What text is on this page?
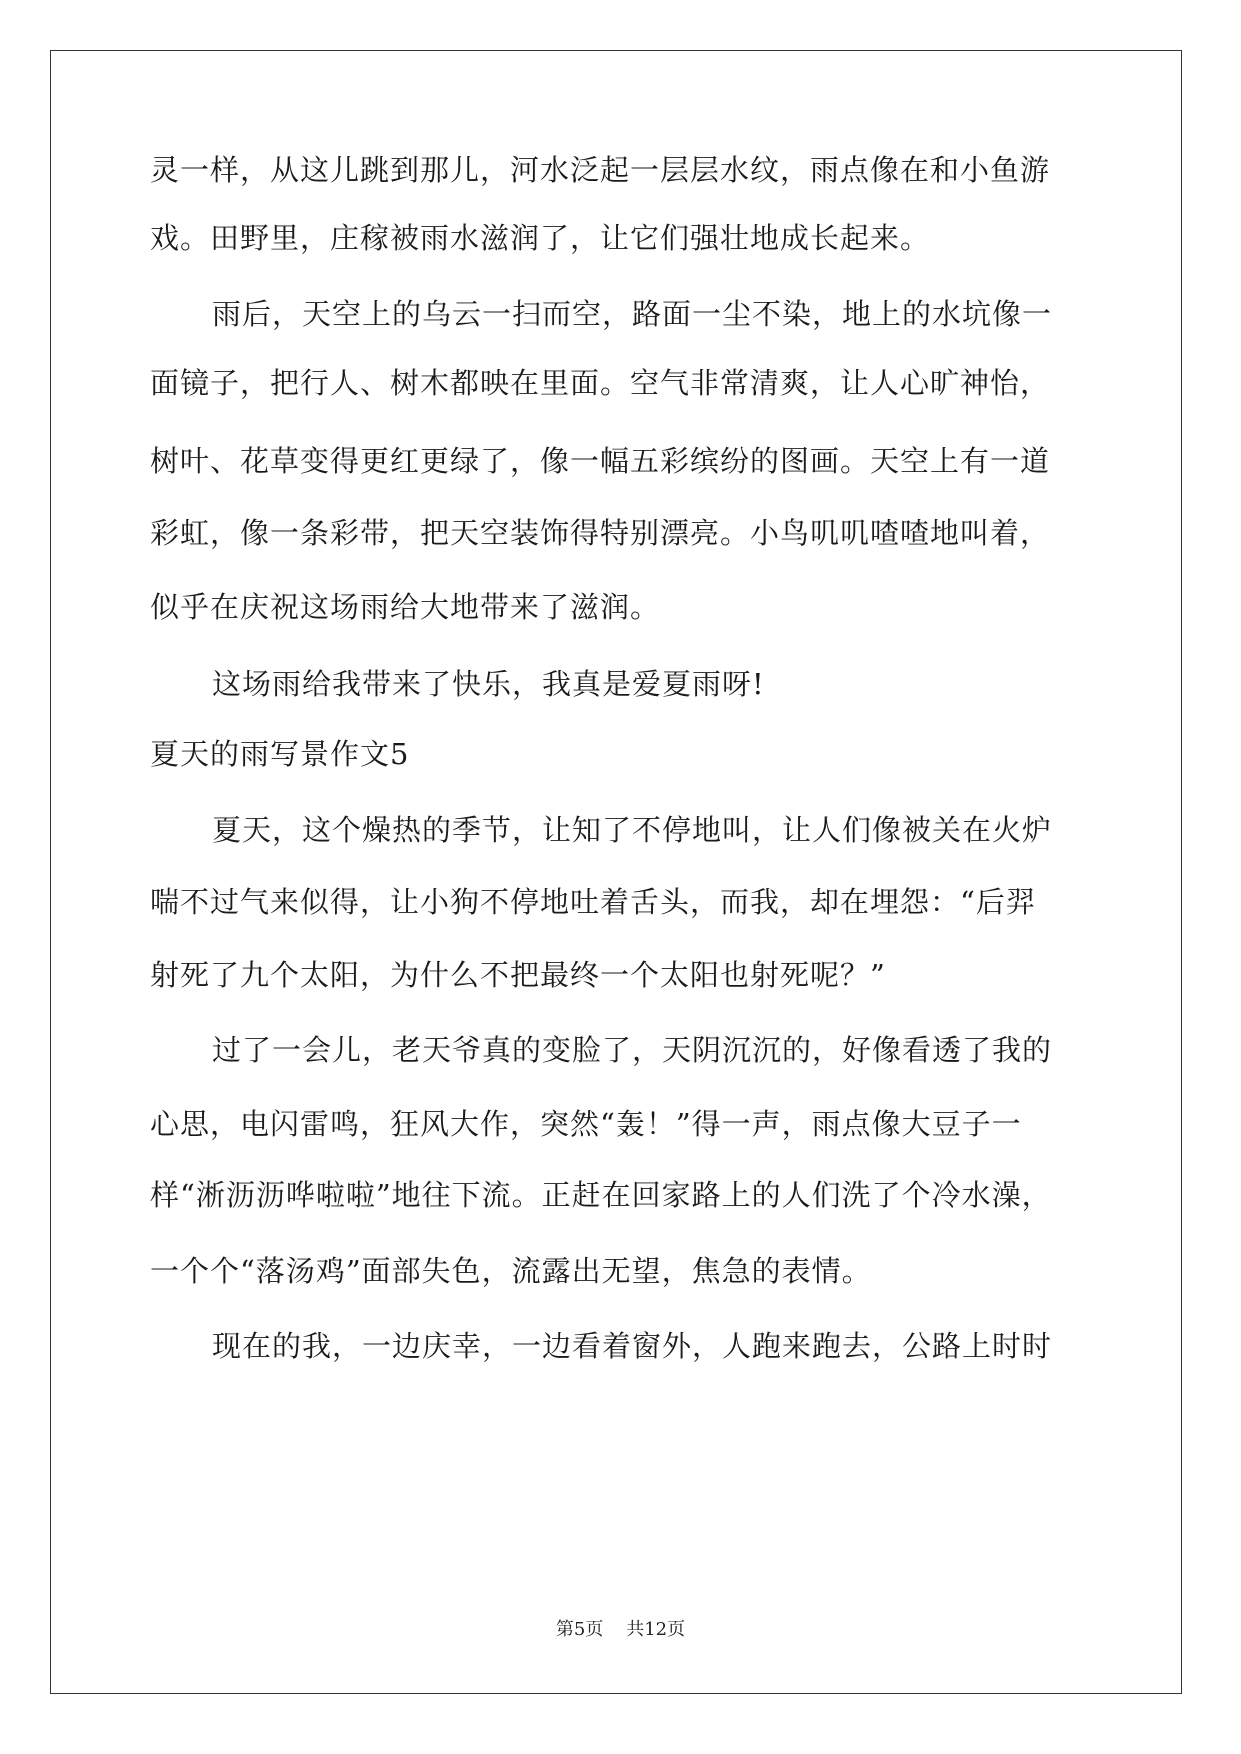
灵一样，从这儿跳到那儿，河水泛起一层层水纹，雨点像在和小鱼游
戏。田野里，庄稼被雨水滋润了，让它们强壮地成长起来。
雨后，天空上的乌云一扫而空，路面一尘不染，地上的水坑像一
面镜子，把行人、树木都映在里面。空气非常清爽，让人心旷神怡，
树叶、花草变得更红更绿了，像一幅五彩缤纷的图画。天空上有一道
彩虹，像一条彩带，把天空装饰得特别漂亮。小鸟叽叽喳喳地叫着，
似乎在庆祝这场雨给大地带来了滋润。
这场雨给我带来了快乐，我真是爱夏雨呀!
夏天的雨写景作文5
夏天，这个燥热的季节，让知了不停地叫，让人们像被关在火炉
喘不过气来似得，让小狗不停地吐着舌头，而我，却在埋怨：“后羿
射死了九个太阳，为什么不把最终一个太阳也射死呢？”
过了一会儿，老天爷真的变脸了，天阴沉沉的，好像看透了我的
心思，电闪雷鸣，狂风大作，突然“轰！”得一声，雨点像大豆子一
样“淅沥沥哗啦啦”地往下流。正赶在回家路上的人们洗了个冷水澡，
一个个“落汤鸡”面部失色，流露出无望，焦急的表情。
现在的我，一边庆幸，一边看着窗外，人跑来跑去，公路上时时
第5页 共12页
